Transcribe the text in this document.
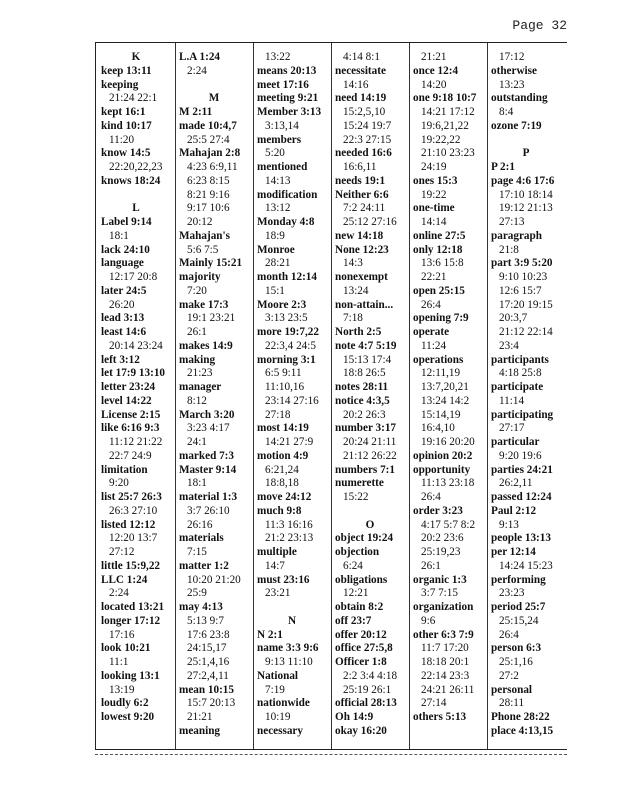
Page 32
K
keep 13:11
keeping
21:24 22:1
kept 16:1
kind 10:17
11:20
know 14:5
22:20,22,23
knows 18:24
L
Label 9:14
18:1
lack 24:10
language
12:17 20:8
later 24:5
26:20
lead 3:13
least 14:6
20:14 23:24
left 3:12
let 17:9 13:10
letter 23:24
level 14:22
License 2:15
like 6:16 9:3
11:12 21:22
22:7 24:9
limitation
9:20
list 25:7 26:3
26:3 27:10
listed 12:12
12:20 13:7
27:12
little 15:9,22
LLC 1:24
2:24
located 13:21
longer 17:12
17:16
look 10:21
11:1
looking 13:1
13:19
loudly 6:2
lowest 9:20
L.A 1:24
2:24
M
M 2:11
made 10:4,7
25:5 27:4
Mahajan 2:8
4:23 6:9,11
6:23 8:15
8:21 9:16
9:17 10:6
20:12
Mahajan's
5:6 7:5
Mainly 15:21
majority
7:20
make 17:3
19:1 23:21
26:1
makes 14:9
making
21:23
manager
8:12
March 3:20
3:23 4:17
24:1
marked 7:3
Master 9:14
18:1
material 1:3
3:7 26:10
26:16
materials
7:15
matter 1:2
10:20 21:20
25:9
may 4:13
5:13 9:7
17:6 23:8
24:15,17
25:1,4,16
27:2,4,11
mean 10:15
15:7 20:13
21:21
meaning
13:22
means 20:13
meet 17:16
meeting 9:21
Member 3:13
3:13,14
members
5:20
mentioned
14:13
modification
13:12
Monday 4:8
18:9
Monroe
28:21
month 12:14
15:1
Moore 2:3
3:13 23:5
more 19:7,22
22:3,4 24:5
morning 3:1
6:5 9:11
11:10,16
23:14 27:16
27:18
most 14:19
14:21 27:9
motion 4:9
6:21,24
18:8,18
move 24:12
much 9:8
11:3 16:16
21:2 23:13
multiple
14:7
must 23:16
23:21
N
N 2:1
name 3:3 9:6
9:13 11:10
National
7:19
nationwide
10:19
necessary
4:14 8:1
necessitate
14:16
need 14:19
15:2,5,10
15:24 19:7
22:3 27:15
needed 16:6
16:6,11
needs 19:1
Neither 6:6
7:2 24:11
25:12 27:16
new 14:18
None 12:23
14:3
nonexempt
13:24
non-attain...
7:18
North 2:5
note 4:7 5:19
15:13 17:4
18:8 26:5
notes 28:11
notice 4:3,5
20:2 26:3
number 3:17
20:24 21:11
21:12 26:22
numbers 7:1
numerette
15:22
O
object 19:24
objection
6:24
obligations
12:21
obtain 8:2
off 23:7
offer 20:12
office 27:5,8
Officer 1:8
2:2 3:4 4:18
25:19 26:1
official 28:13
Oh 14:9
okay 16:20
21:21
once 12:4
14:20
one 9:18 10:7
14:21 17:12
19:6,21,22
19:22,22
21:10 23:23
24:19
ones 15:3
19:22
one-time
14:14
online 27:5
only 12:18
13:6 15:8
22:21
open 25:15
26:4
opening 7:9
operate
11:24
operations
12:11,19
13:7,20,21
13:24 14:2
15:14,19
16:4,10
19:16 20:20
opinion 20:2
opportunity
11:13 23:18
26:4
order 3:23
4:17 5:7 8:2
20:2 23:6
25:19,23
26:1
organic 1:3
3:7 7:15
organization
9:6
other 6:3 7:9
11:7 17:20
18:18 20:1
22:14 23:3
24:21 26:11
27:14
others 5:13
17:12
otherwise
13:23
outstanding
8:4
ozone 7:19
P
P 2:1
page 4:6 17:6
17:10 18:14
19:12 21:13
27:13
paragraph
21:8
part 3:9 5:20
9:10 10:23
12:6 15:7
17:20 19:15
20:3,7
21:12 22:14
23:4
participants
4:18 25:8
participate
11:14
participating
27:17
particular
9:20 19:6
parties 24:21
26:2,11
passed 12:24
Paul 2:12
9:13
people 13:13
per 12:14
14:24 15:23
performing
23:23
period 25:7
25:15,24
26:4
person 6:3
25:1,16
27:2
personal
28:11
Phone 28:22
place 4:13,15
